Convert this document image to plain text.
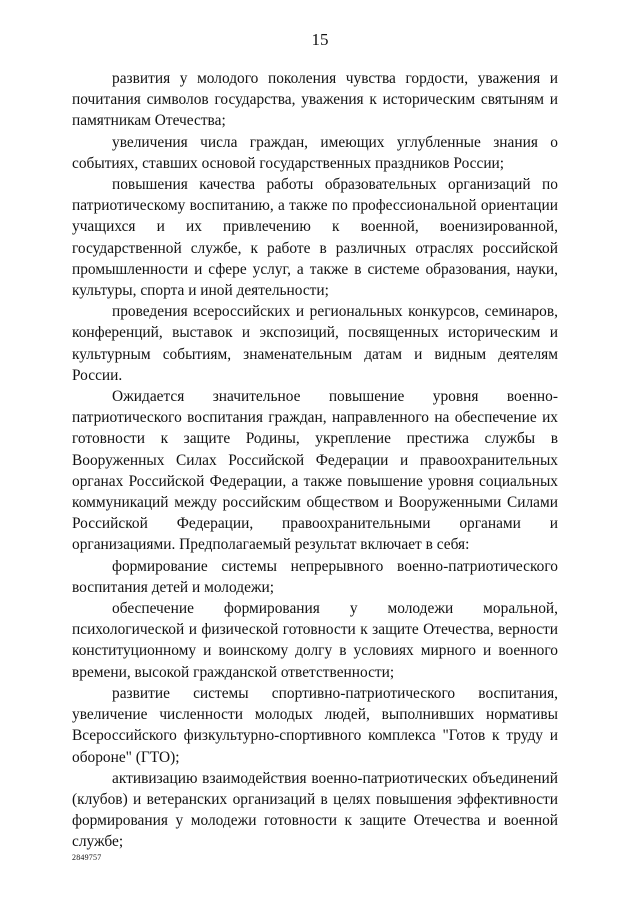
15

развития у молодого поколения чувства гордости, уважения и почитания символов государства, уважения к историческим святыням и памятникам Отечества;

увеличения числа граждан, имеющих углубленные знания о событиях, ставших основой государственных праздников России;

повышения качества работы образовательных организаций по патриотическому воспитанию, а также по профессиональной ориентации учащихся и их привлечению к военной, военизированной, государственной службе, к работе в различных отраслях российской промышленности и сфере услуг, а также в системе образования, науки, культуры, спорта и иной деятельности;

проведения всероссийских и региональных конкурсов, семинаров, конференций, выставок и экспозиций, посвященных историческим и культурным событиям, знаменательным датам и видным деятелям России.

Ожидается значительное повышение уровня военно-патриотического воспитания граждан, направленного на обеспечение их готовности к защите Родины, укрепление престижа службы в Вооруженных Силах Российской Федерации и правоохранительных органах Российской Федерации, а также повышение уровня социальных коммуникаций между российским обществом и Вооруженными Силами Российской Федерации, правоохранительными органами и организациями. Предполагаемый результат включает в себя:

формирование системы непрерывного военно-патриотического воспитания детей и молодежи;

обеспечение формирования у молодежи моральной, психологической и физической готовности к защите Отечества, верности конституционному и воинскому долгу в условиях мирного и военного времени, высокой гражданской ответственности;

развитие системы спортивно-патриотического воспитания, увеличение численности молодых людей, выполнивших нормативы Всероссийского физкультурно-спортивного комплекса "Готов к труду и обороне" (ГТО);

активизацию взаимодействия военно-патриотических объединений (клубов) и ветеранских организаций в целях повышения эффективности формирования у молодежи готовности к защите Отечества и военной службе;

2849757
